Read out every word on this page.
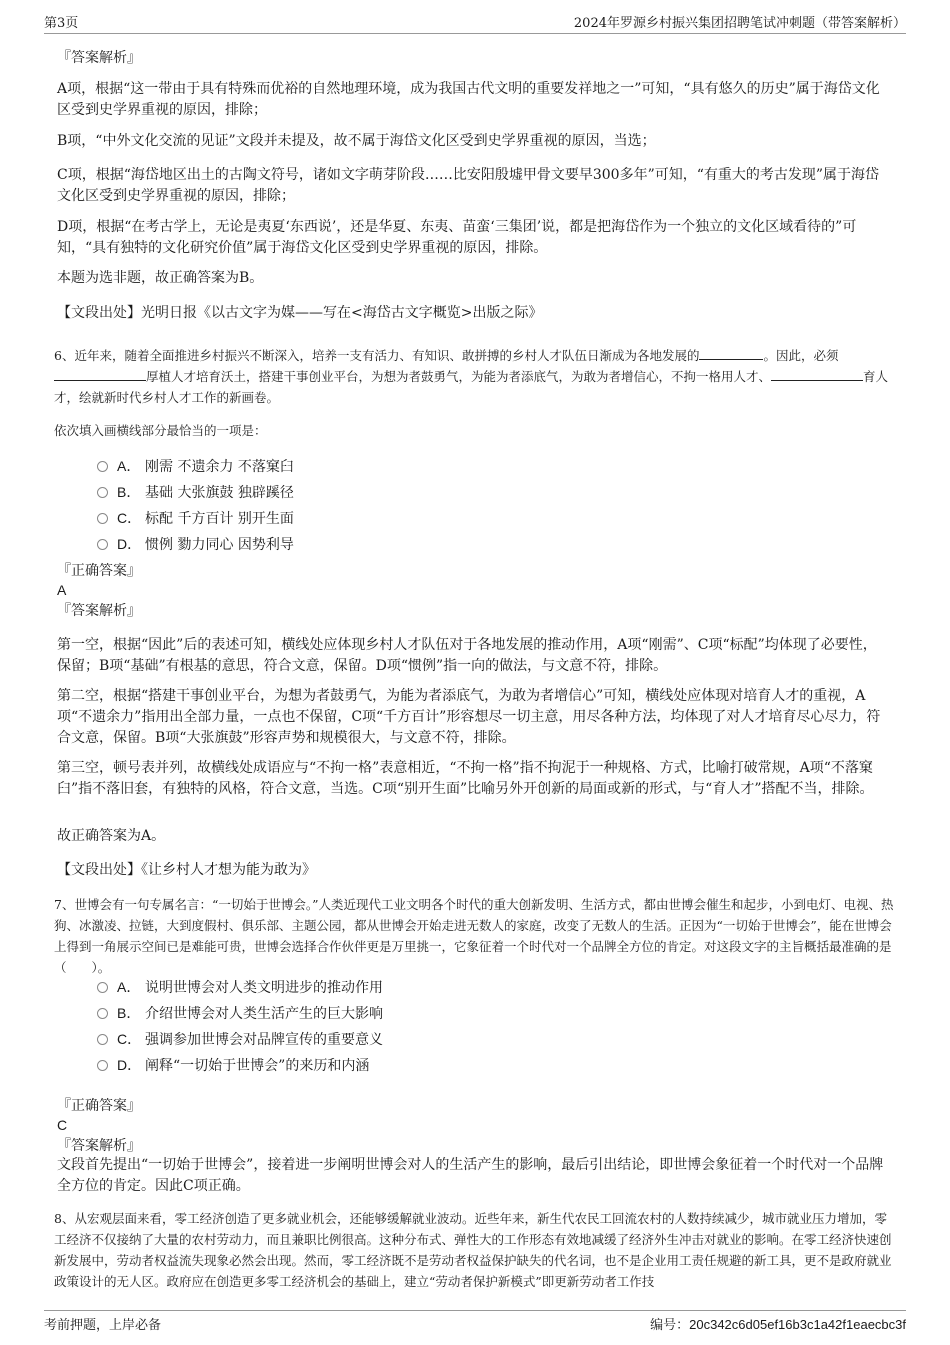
第3页	2024年罗源乡村振兴集团招聘笔试冲刺题（带答案解析）
『答案解析』

A项，根据“这一带由于具有特殊而优裕的自然地理环境，成为我国古代文明的重要发祥地之一”可知，“具有悠久的历史”属于海岱文化区受到史学界重视的原因，排除；

B项，“中外文化交流的见证”文段并未提及，故不属于海岱文化区受到史学界重视的原因，当选；

C项，根据“海岱地区出土的古陶文符号，诸如文字萌芽阶段……比安阳殷墟甲骨文要早300多年”可知，“有重大的考古发现”属于海岱文化区受到史学界重视的原因，排除；

D项，根据“在考古学上，无论是夷夏‘东西说’，还是华夏、东夷、苗蛮‘三集团’说，都是把海岱作为一个独立的文化区域看待的”可知，“具有独特的文化研究价值”属于海岱文化区受到史学界重视的原因，排除。

本题为选非题，故正确答案为B。

【文段出处】光明日报《以古文字为媒——写在<海岱古文字概览>出版之际》

6、近年来，随着全面推进乡村振兴不断深入，培养一支有活力、有知识、敢拼搏的乡村人才队伍日渐成为各地发展的	。因此，必须厚植人才培育沃土，搭建干事创业平台，为想为者鼓勇气，为能为者添底气，为敢为者增信心，不拘一格用人才、	育人才，绘就新时代乡村人才工作的新画卷。

依次填入画横线部分最恰当的一项是：

A． 刚需 不遗余力 不落窠臼
B． 基础 大张旗鼓 独辟蹊径
C． 标配 千方百计 别开生面
D． 惯例 勠力同心 因势利导
『正确答案』
A
『答案解析』

第一空，根据“因此”后的表述可知，横线处应体现乡村人才队伍对于各地发展的推动作用，A项“刚需”、C项“标配”均体现了必要性，保留；B项“基础”有根基的意思，符合文意，保留。D项“惯例”指一向的做法，与文意不符，排除。

第二空，根据“搭建干事创业平台，为想为者鼓勇气，为能为者添底气，为敢为者增信心”可知，横线处应体现对培育人才的重视，A项“不遗余力”指用出全部力量，一点也不保留，C项“千方百计”形容想尽一切主意，用尽各种方法，均体现了对人才培育尽心尽力，符合文意，保留。B项“大张旗鼓”形容声势和规模很大，与文意不符，排除。

第三空，顿号表并列，故横线处成语应与“不拘一格”表意相近，“不拘一格”指不拘泥于一种规格、方式，比喻打破常规，A项“不落窠臼”指不落旧套，有独特的风格，符合文意，当选。C项“别开生面”比喻另外开创新的局面或新的形式，与“育人才”搭配不当，排除。

故正确答案为A。

【文段出处】《让乡村人才想为能为敢为》

7、世博会有一句专属名言：“一切始于世博会。”人类近现代工业文明各个时代的重大创新发明、生活方式，都由世博会催生和起步，小到电灯、电视、热狗、冰激凌、拉链，大到度假村、俱乐部、主题公园，都从世博会开始走进无数人的家庭，改变了无数人的生活。正因为“一切始于世博会”，能在世博会上得到一角展示空间已是难能可贵，世博会选择合作伙伴更是万里挑一，它象征着一个时代对一个品牌全方位的肯定。对这段文字的主旨概括最准确的是（　　）。

A． 说明世博会对人类文明进步的推动作用
B． 介绍世博会对人类生活产生的巨大影响
C． 强调参加世博会对品牌宣传的重要意义
D． 阐释“一切始于世博会”的来历和内涵
『正确答案』
C
『答案解析』

文段首先提出“一切始于世博会”，接着进一步阐明世博会对人的生活产生的影响，最后引出结论，即世博会象征着一个时代对一个品牌全方位的肯定。因此C项正确。

8、从宏观层面来看，零工经济创造了更多就业机会，还能够缓解就业波动。近些年来，新生代农民工回流农村的人数持续减少，城市就业压力增加，零工经济不仅接纳了大量的农村劳动力，而且兼职比例很高。这种分布式、弹性大的工作形态有效地减缓了经济外生冲击对就业的影响。在零工经济快速创新发展中，劳动者权益流失现象必然会出现。然而，零工经济既不是劳动者权益保护缺失的代名词，也不是企业用工责任规避的新工具，更不是政府就业政策设计的无人区。政府应在创造更多零工经济机会的基础上，建立“劳动者保护新模式”即更新劳动者工作技

考前押题，上岸必备	编号：20c342c6d05ef16b3c1a42f1eaecbc3f
